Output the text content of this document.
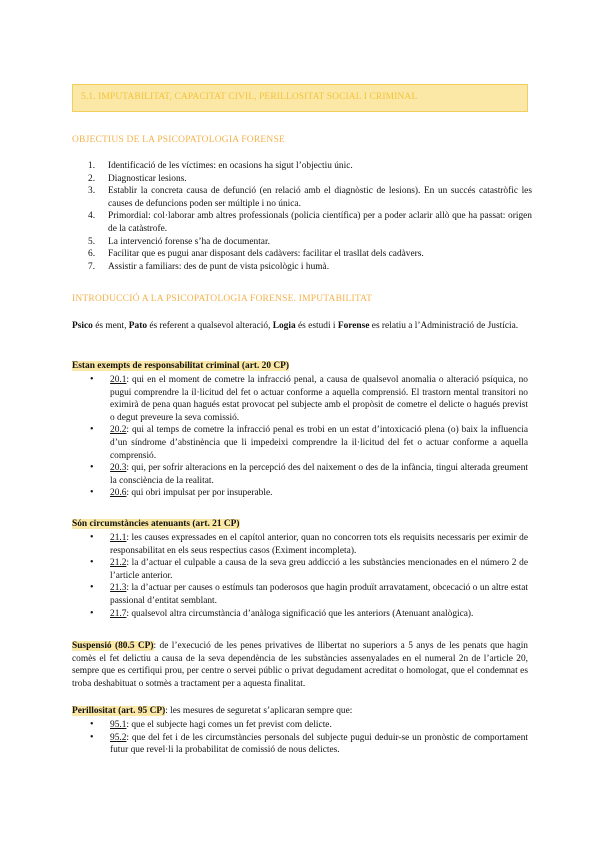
5.1. IMPUTABILITAT, CAPACITAT CIVIL, PERILLOSITAT SOCIAL I CRIMINAL
OBJECTIUS DE LA PSICOPATOLOGIA FORENSE
1. Identificació de les víctimes: en ocasions ha sigut l’objectiu únic.
2. Diagnosticar lesions.
3. Establir la concreta causa de defunció (en relació amb el diagnòstic de lesions). En un succés catastròfic les causes de defuncions poden ser múltiple i no única.
4. Primordial: col·laborar amb altres professionals (policia científica) per a poder aclarir allò que ha passat: origen de la catàstrofe.
5. La intervenció forense s’ha de documentar.
6. Facilitar que es pugui anar disposant dels cadàvers: facilitar el trasllat dels cadàvers.
7. Assistir a familiars: des de punt de vista psicològic i humà.
INTRODUCCIÓ A LA PSICOPATOLOGIA FORENSE. IMPUTABILITAT

Psico és ment, Pato és referent a qualsevol alteració, Logia és estudi i Forense es relatiu a l’Administració de Justícia.

Estan exempts de responsabilitat criminal (art. 20 CP)

• 20.1: qui en el moment de cometre la infracció penal, a causa de qualsevol anomalia o alteració psíquica, no pugui comprendre la il·licitud del fet o actuar conforme a aquella comprensió. El trastorn mental transitori no eximirà de pena quan hagués estat provocat pel subjecte amb el propòsit de cometre el delicte o hagués previst o degut preveure la seva comissió.
• 20.2: qui al temps de cometre la infracció penal es trobi en un estat d’intoxicació plena (o) baix la influencia d’un síndrome d’abstinència que li impedeixi comprendre la il·licitud del fet o actuar conforme a aquella comprensió.
• 20.3: qui, per sofrir alteracions en la percepció des del naixement o des de la infància, tingui alterada greument la consciència de la realitat.
• 20.6: qui obri impulsat per por insuperable.

Són circumstàncies atenuants (art. 21 CP)

• 21.1: les causes expressades en el capítol anterior, quan no concorren tots els requisits necessaris per eximir de responsabilitat en els seus respectius casos (Eximent incompleta).
• 21.2: la d’actuar el culpable a causa de la seva greu addicció a les substàncies mencionades en el número 2 de l’article anterior.
• 21.3: la d’actuar per causes o estímuls tan poderosos que hagin produït arravatament, obcecació o un altre estat passional d’entitat semblant.
• 21.7: qualsevol altra circumstància d’anàloga significació que les anteriors (Atenuant analògica).

Suspensió (80.5 CP): de l’execució de les penes privatives de llibertat no superiors a 5 anys de les penats que hagin comès el fet delictiu a causa de la seva dependència de les substàncies assenyalades en el numeral 2n de l’article 20, sempre que es certifiqui prou, per centre o servei públic o privat degudament acreditat o homologat, que el condemnat es troba deshabituat o sotmès a tractament per a aquesta finalitat.

Perillositat (art. 95 CP): les mesures de seguretat s’aplicaran sempre que:

• 95.1: que el subjecte hagi comes un fet previst com delicte.
• 95.2: que del fet i de les circumstàncies personals del subjecte pugui deduir-se un pronòstic de comportament futur que revel·li la probabilitat de comissió de nous delictes.
